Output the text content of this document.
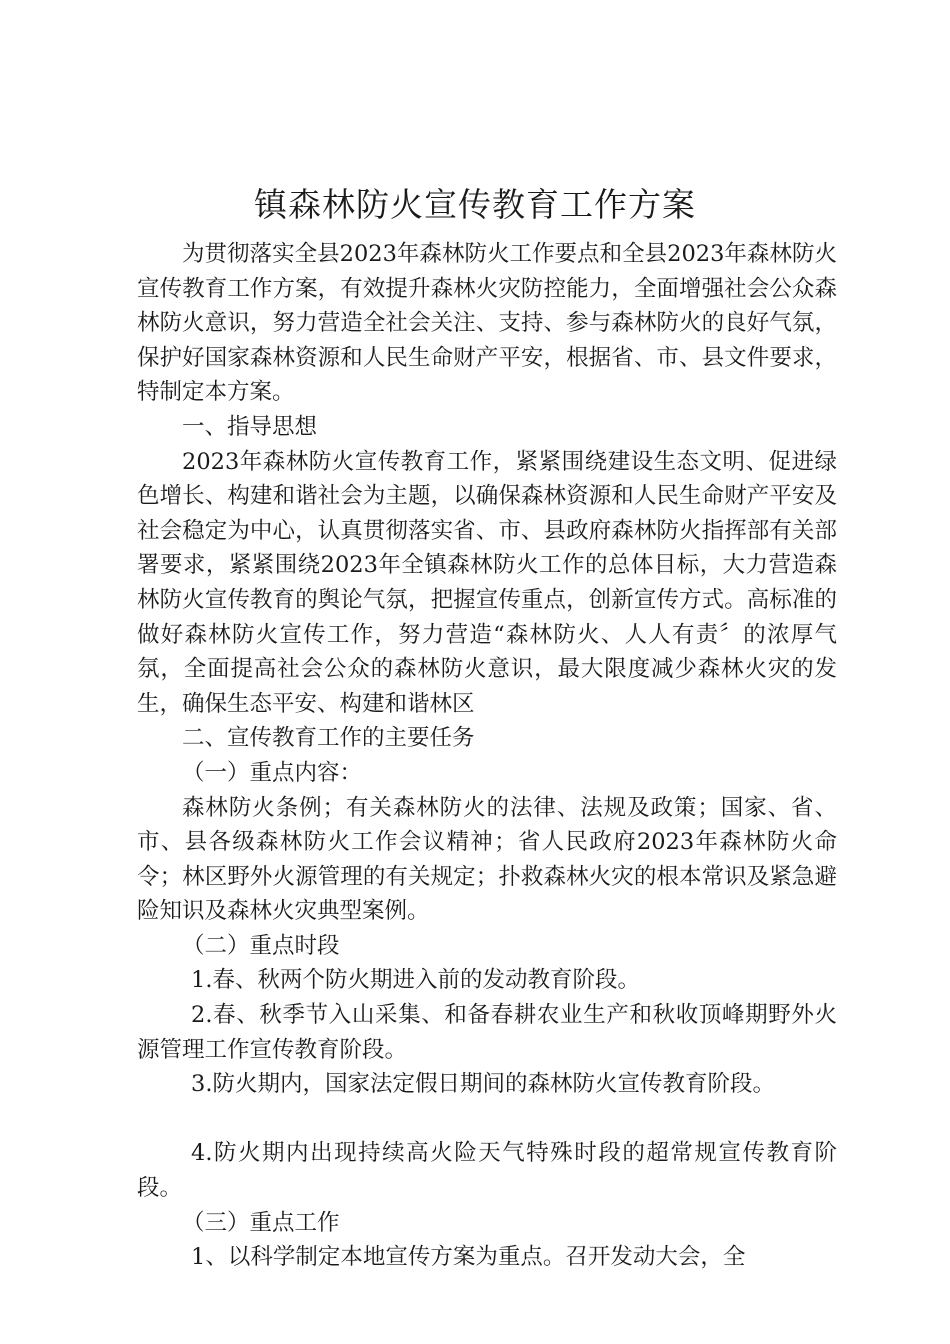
镇森林防火宣传教育工作方案

为贯彻落实全县2023年森林防火工作要点和全县2023年森林防火宣传教育工作方案，有效提升森林火灾防控能力，全面增强社会公众森林防火意识，努力营造全社会关注、支持、参与森林防火的良好气氛，保护好国家森林资源和人民生命财产平安，根据省、市、县文件要求，特制定本方案。

一、指导思想

2023年森林防火宣传教育工作，紧紧围绕建设生态文明、促进绿色增长、构建和谐社会为主题，以确保森林资源和人民生命财产平安及社会稳定为中心，认真贯彻落实省、市、县政府森林防火指挥部有关部署要求，紧紧围绕2023年全镇森林防火工作的总体目标，大力营造森林防火宣传教育的舆论气氛，把握宣传重点，创新宣传方式。高标准的做好森林防火宣传工作，努力营造“森林防火、人人有责〞的浓厚气氛，全面提高社会公众的森林防火意识，最大限度减少森林火灾的发生，确保生态平安、构建和谐林区

二、宣传教育工作的主要任务

（一）重点内容：

森林防火条例；有关森林防火的法律、法规及政策；国家、省、市、县各级森林防火工作会议精神；省人民政府2023年森林防火命令；林区野外火源管理的有关规定；扑救森林火灾的根本常识及紧急避险知识及森林火灾典型案例。

（二）重点时段

1.春、秋两个防火期进入前的发动教育阶段。

2.春、秋季节入山采集、和备春耕农业生产和秋收顶峰期野外火源管理工作宣传教育阶段。

3.防火期内，国家法定假日期间的森林防火宣传教育阶段。

4.防火期内出现持续高火险天气特殊时段的超常规宣传教育阶段。

（三）重点工作

1、以科学制定本地宣传方案为重点。召开发动大会，全
